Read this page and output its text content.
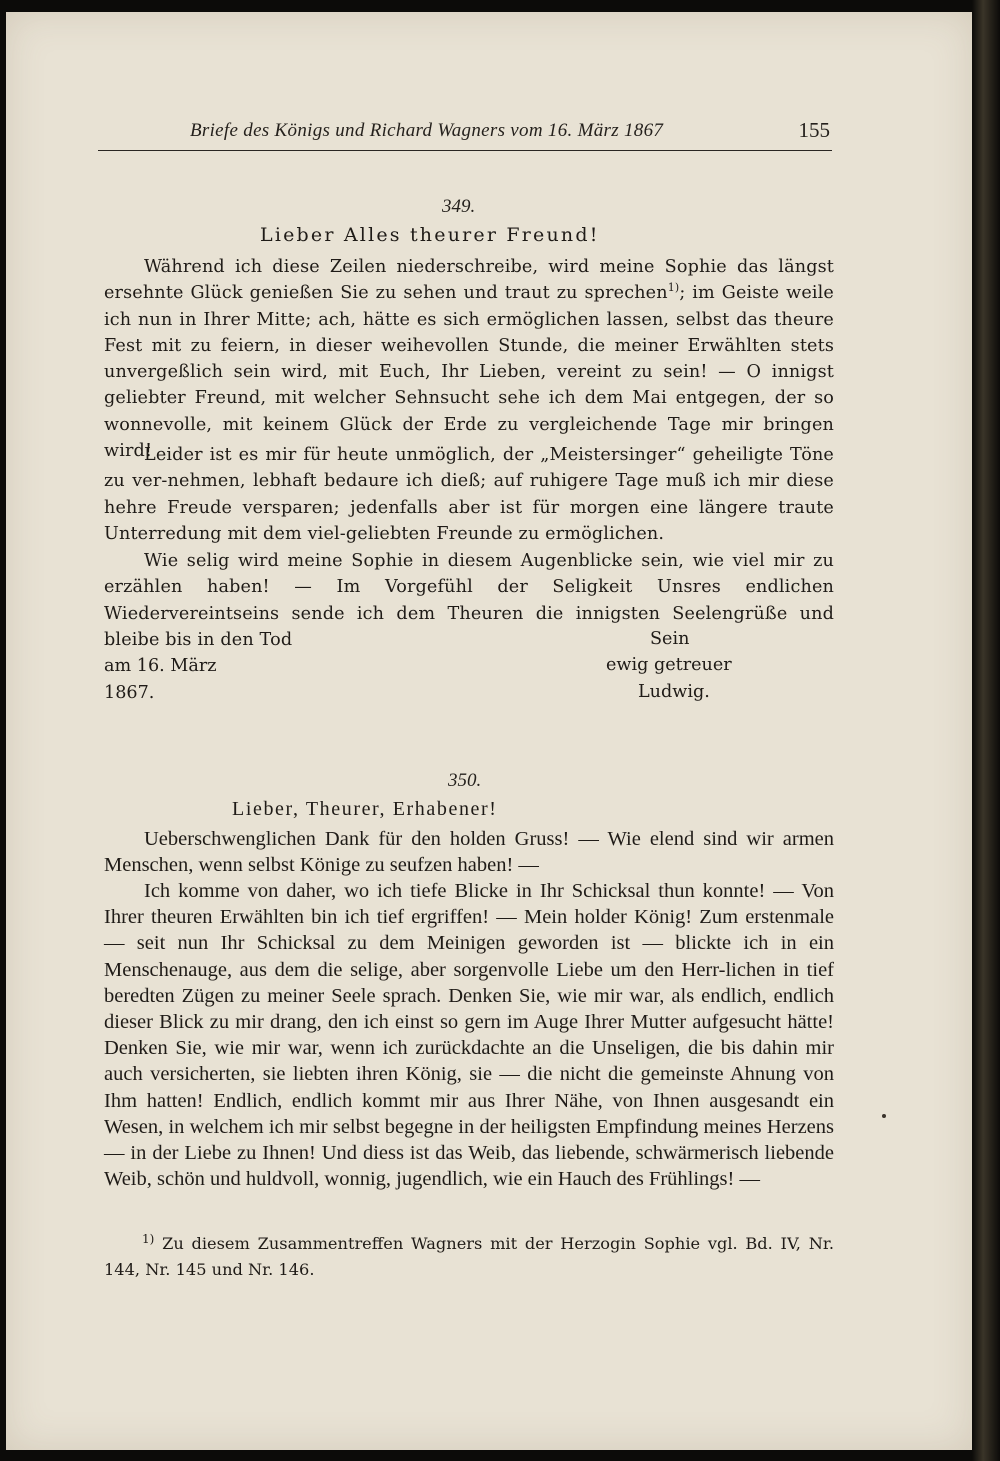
Briefe des Königs und Richard Wagners vom 16. März 1867	155
349.
Lieber Alles theurer Freund!
Während ich diese Zeilen niederschreibe, wird meine Sophie das längst ersehnte Glück genießen Sie zu sehen und traut zu sprechen$^{1)}$; im Geiste weile ich nun in Ihrer Mitte; ach, hätte es sich ermöglichen lassen, selbst das theure Fest mit zu feiern, in dieser weihevollen Stunde, die meiner Erwählten stets unvergeßlich sein wird, mit Euch, Ihr Lieben, vereint zu sein! — O innigst geliebter Freund, mit welcher Sehnsucht sehe ich dem Mai entgegen, der so wonnevolle, mit keinem Glück der Erde zu vergleichende Tage mir bringen wird!
Leider ist es mir für heute unmöglich, der „Meistersinger“ geheiligte Töne zu ver-nehmen, lebhaft bedaure ich dieß; auf ruhigere Tage muß ich mir diese hehre Freude versparen; jedenfalls aber ist für morgen eine längere traute Unterredung mit dem viel-geliebten Freunde zu ermöglichen.
Wie selig wird meine Sophie in diesem Augenblicke sein, wie viel mir zu erzählen haben! — Im Vorgefühl der Seligkeit Unsres endlichen Wiedervereintseins sende ich dem Theuren die innigsten Seelengrüße und bleibe bis in den Tod	Sein
ewig getreuer
Ludwig.
am 16. März
1867.
350.
Lieber, Theurer, Erhabener!
Ueberschwenglichen Dank für den holden Gruss! — Wie elend sind wir armen Menschen, wenn selbst Könige zu seufzen haben! —
Ich komme von daher, wo ich tiefe Blicke in Ihr Schicksal thun konnte! — Von Ihrer theuren Erwählten bin ich tief ergriffen! — Mein holder König! Zum erstenmale — seit nun Ihr Schicksal zu dem Meinigen geworden ist — blickte ich in ein Menschenauge, aus dem die selige, aber sorgenvolle Liebe um den Herr-lichen in tief beredten Zügen zu meiner Seele sprach. Denken Sie, wie mir war, als endlich, endlich dieser Blick zu mir drang, den ich einst so gern im Auge Ihrer Mutter aufgesucht hätte! Denken Sie, wie mir war, wenn ich zurückdachte an die Unseligen, die bis dahin mir auch versicherten, sie liebten ihren König, sie — die nicht die gemeinste Ahnung von Ihm hatten! Endlich, endlich kommt mir aus Ihrer Nähe, von Ihnen ausgesandt ein Wesen, in welchem ich mir selbst begegne in der heiligsten Empfindung meines Herzens — in der Liebe zu Ihnen! Und diess ist das Weib, das liebende, schwärmerisch liebende Weib, schön und huldvoll, wonnig, jugendlich, wie ein Hauch des Frühlings! —
$^{1)}$ Zu diesem Zusammentreffen Wagners mit der Herzogin Sophie vgl. Bd. IV, Nr. 144, Nr. 145 und Nr. 146.
